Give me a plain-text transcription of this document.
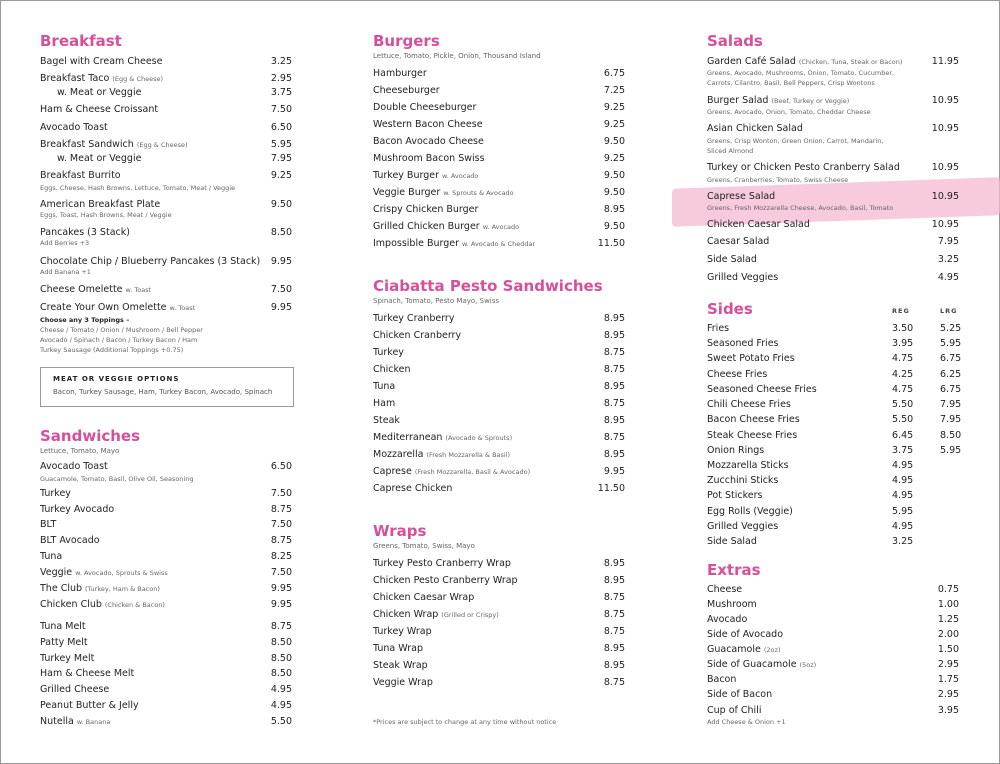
Breakfast
Bagel with Cream Cheese	3.25
Breakfast Taco (Egg & Cheese)	2.95
w. Meat or Veggie	3.75
Ham & Cheese Croissant	7.50
Avocado Toast	6.50
Breakfast Sandwich (Egg & Cheese)	5.95
w. Meat or Veggie	7.95
Breakfast Burrito	9.25
American Breakfast Plate	9.50
Pancakes (3 Stack)	8.50
Chocolate Chip / Blueberry Pancakes (3 Stack) 9.95
Cheese Omelette w. Toast	7.50
Create Your Own Omelette w. Toast	9.95
Eggs, Cheese, Hash Browns, Lettuce, Tomato, Meat / Veggie
Eggs, Toast, Hash Browns, Meat / Veggie
Add Berries +3
Add Banana +1
Choose any 3 Toppings –
Cheese / Tomato / Onion / Mushroom / Bell Pepper
Avocado / Spinach / Bacon / Turkey Bacon / Ham
Turkey Sausage (Additional Toppings +0.75)
MEAT OR VEGGIE OPTIONS
Bacon, Turkey Sausage, Ham, Turkey Bacon, Avocado, Spinach
Sandwiches
Lettuce, Tomato, Mayo
Guacamole, Tomato, Basil, Olive Oil, Seasoning
Avocado Toast	6.50
Turkey	7.50
Turkey Avocado	8.75
BLT	7.50
BLT Avocado	8.75
Tuna	8.25
Veggie w. Avocado, Sprouts & Swiss	7.50
The Club (Turkey, Ham & Bacon)	9.95
Chicken Club (Chicken & Bacon)	9.95
Tuna Melt	8.75
Patty Melt	8.50
Turkey Melt	8.50
Ham & Cheese Melt	8.50
Grilled Cheese	4.95
Peanut Butter & Jelly	4.95
Nutella w. Banana	5.50
Burgers
Lettuce, Tomato, Pickle, Onion, Thousand Island
Hamburger	6.75
Cheeseburger	7.25
Double Cheeseburger	9.25
Western Bacon Cheese	9.25
Bacon Avocado Cheese	9.50
Mushroom Bacon Swiss	9.25
Turkey Burger w. Avocado	9.50
Veggie Burger w. Sprouts & Avocado	9.50
Crispy Chicken Burger	8.95
Grilled Chicken Burger w. Avocado	9.50
Impossible Burger w. Avocado & Cheddar	11.50
Ciabatta Pesto Sandwiches
Spinach, Tomato, Pesto Mayo, Swiss
Turkey Cranberry	8.95
Chicken Cranberry	8.95
Turkey	8.75
Chicken	8.75
Tuna	8.95
Ham	8.75
Steak	8.95
Mediterranean (Avocado & Sprouts)	8.75
Mozzarella (Fresh Mozzarella & Basil)	8.95
Caprese (Fresh Mozzarella, Basil & Avocado)	9.95
Caprese Chicken	11.50
Wraps
Greens, Tomato, Swiss, Mayo
Turkey Pesto Cranberry Wrap	8.95
Chicken Pesto Cranberry Wrap	8.95
Chicken Caesar Wrap	8.75
Chicken Wrap (Grilled or Crispy)	8.75
Turkey Wrap	8.75
Tuna Wrap	8.95
Steak Wrap	8.95
Veggie Wrap	8.75
*Prices are subject to change at any time without notice
Salads
Garden Café Salad (Chicken, Tuna, Steak or Bacon)	11.95
Burger Salad (Beef, Turkey or Veggie)	10.95
Asian Chicken Salad	10.95
Turkey or Chicken Pesto Cranberry Salad	10.95
Caprese Salad	10.95
Chicken Caesar Salad	10.95
Caesar Salad	7.95
Side Salad	3.25
Grilled Veggies	4.95
Greens, Avocado, Mushrooms, Onion, Tomato, Cucumber,
Carrots, Cilantro, Basil, Bell Peppers, Crisp Wontons
Greens, Avocado, Onion, Tomato, Cheddar Cheese
Greens, Crisp Wonton, Green Onion, Carrot, Mandarin,
Sliced Almond
Greens, Cranberries, Tomato, Swiss Cheese
Greens, Fresh Mozzarella Cheese, Avocado, Basil, Tomato
Sides	REG	LRG
Fries	3.50	5.25
Seasoned Fries	3.95	5.95
Sweet Potato Fries	4.75	6.75
Cheese Fries	4.25	6.25
Seasoned Cheese Fries	4.75	6.75
Chili Cheese Fries	5.50	7.95
Bacon Cheese Fries	5.50	7.95
Steak Cheese Fries	6.45	8.50
Onion Rings	3.75	5.95
Mozzarella Sticks	4.95
Zucchini Sticks	4.95
Pot Stickers	4.95
Egg Rolls (Veggie)	5.95
Grilled Veggies	4.95
Side Salad	3.25
Extras
Cheese	0.75
Mushroom	1.00
Avocado	1.25
Side of Avocado	2.00
Guacamole (2oz)	1.50
Side of Guacamole (5oz)	2.95
Bacon	1.75
Side of Bacon	2.95
Cup of Chili	3.95
Add Cheese & Onion +1
